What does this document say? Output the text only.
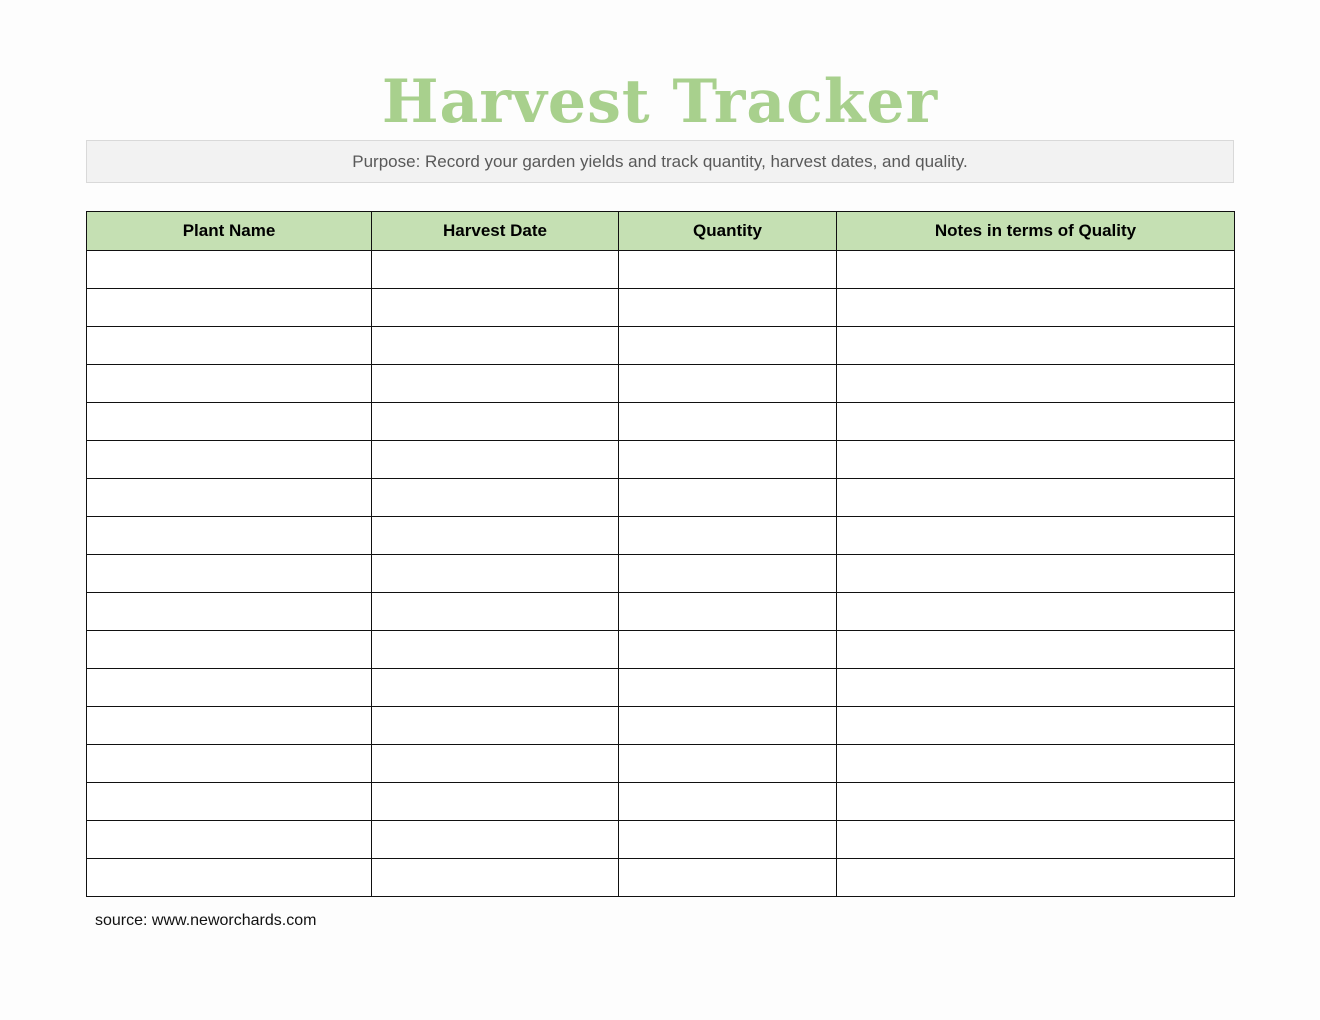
Harvest Tracker
Purpose: Record your garden yields and track quantity, harvest dates, and quality.
Plant Name	Harvest Date	Quantity	Notes in terms of Quality

source: www.neworchards.com
